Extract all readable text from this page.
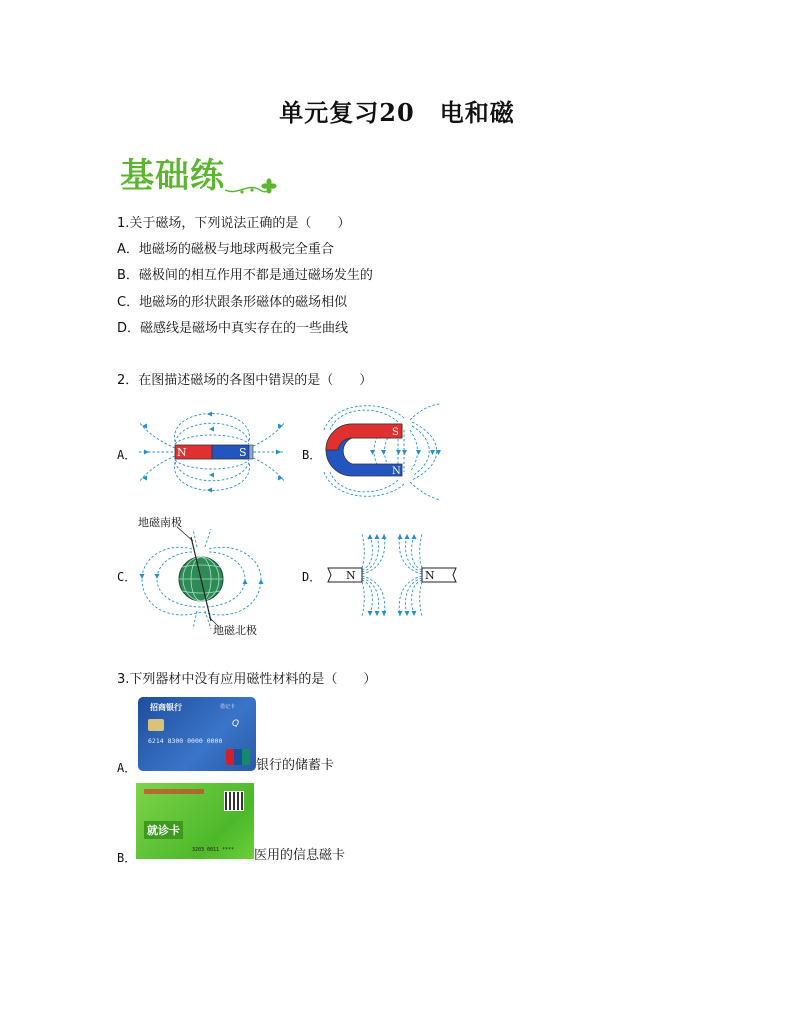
单元复习20　电和磁
基础练
1.关于磁场，下列说法正确的是（　　）
A．地磁场的磁极与地球两极完全重合
B．磁极间的相互作用不都是通过磁场发生的
C．地磁场的形状跟条形磁体的磁场相似
D．磁感线是磁场中真实存在的一些曲线
2．在图描述磁场的各图中错误的是（　　）
A．	B．
C．	D．
N	S
S
N
地磁南极
地磁北极
N	N
3.下列器材中没有应用磁性材料的是（　　）
招商银行	借记卡
6214 8300 0000 0000
Q
A．	银行的储蓄卡
就诊卡
3203 0011 ****
B．	医用的信息磁卡
